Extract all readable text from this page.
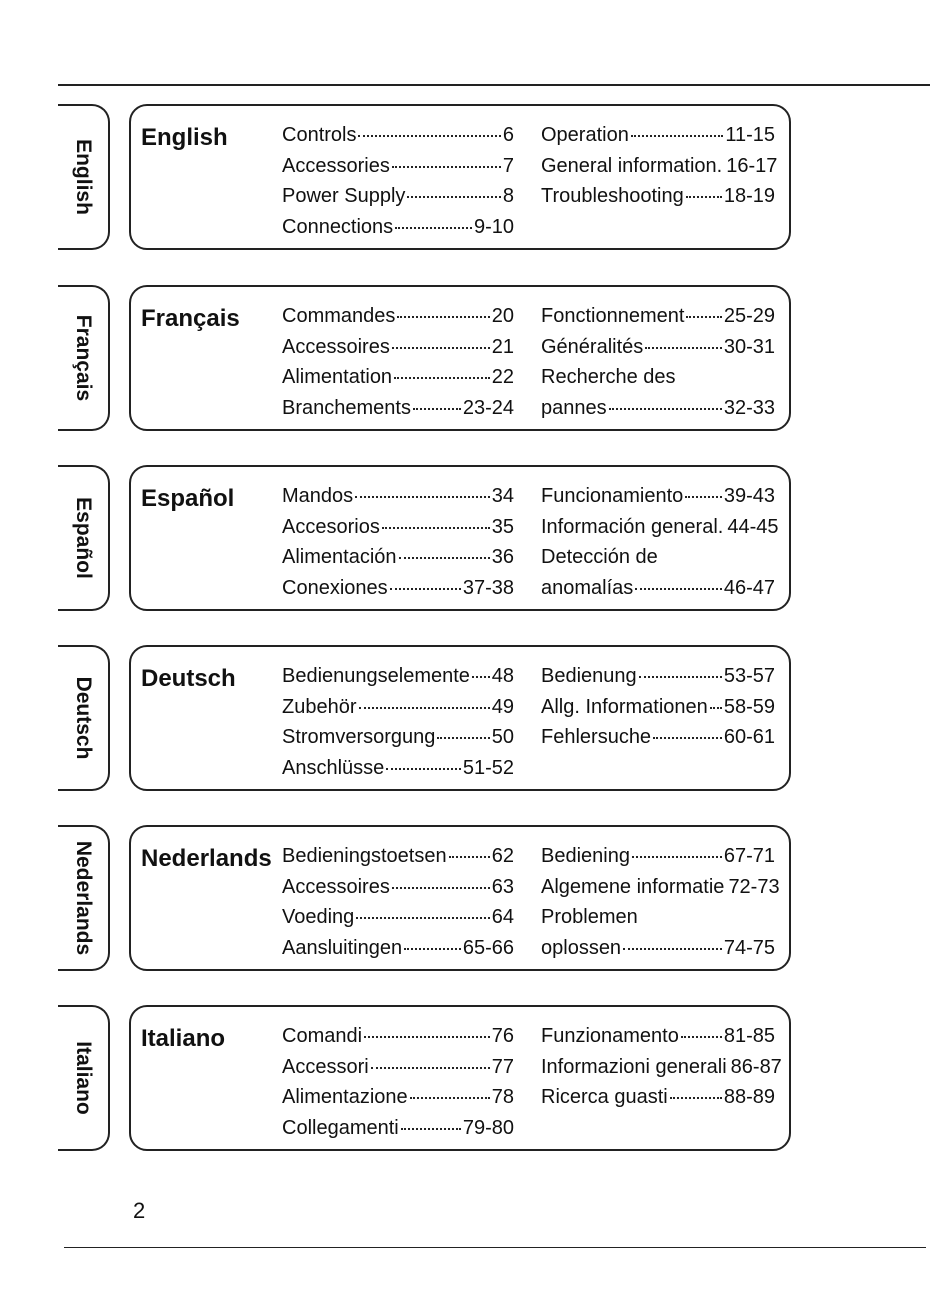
English
English	Controls	6
Accessories	7
Power Supply	8
Connections	9-10
Operation	11-15
General information. 16-17
Troubleshooting 18-19
Français Français Commandes	20
Accessoires	21
Alimentation	22
Branchements	23-24
Fonctionnement 25-29
Généralités	30-31
Recherche des
pannes	32-33
Español Español Mandos	34
Accesorios	35
Alimentación	36
Conexiones	37-38
Funcionamiento 39-43
Información general. 44-45
Detección de
anomalías	46-47
Deutsch Deutsch Bedienungselemente 48
Zubehör	49
Stromversorgung	50
Anschlüsse	51-52
Bedienung	53-57
Allg. Informationen 58-59
Fehlersuche	60-61
Nederlands Nederlands Bedieningstoetsen 62
Accessoires	63
Voeding	64
Aansluitingen	65-66
Bediening	67-71
Algemene informatie 72-73
Problemen
oplossen	74-75
Italiano
Italiano	Comandi	76
Accessori	77
Alimentazione	78
Collegamenti	79-80
Funzionamento 81-85
Informazioni generali 86-87
Ricerca guasti	88-89
2
